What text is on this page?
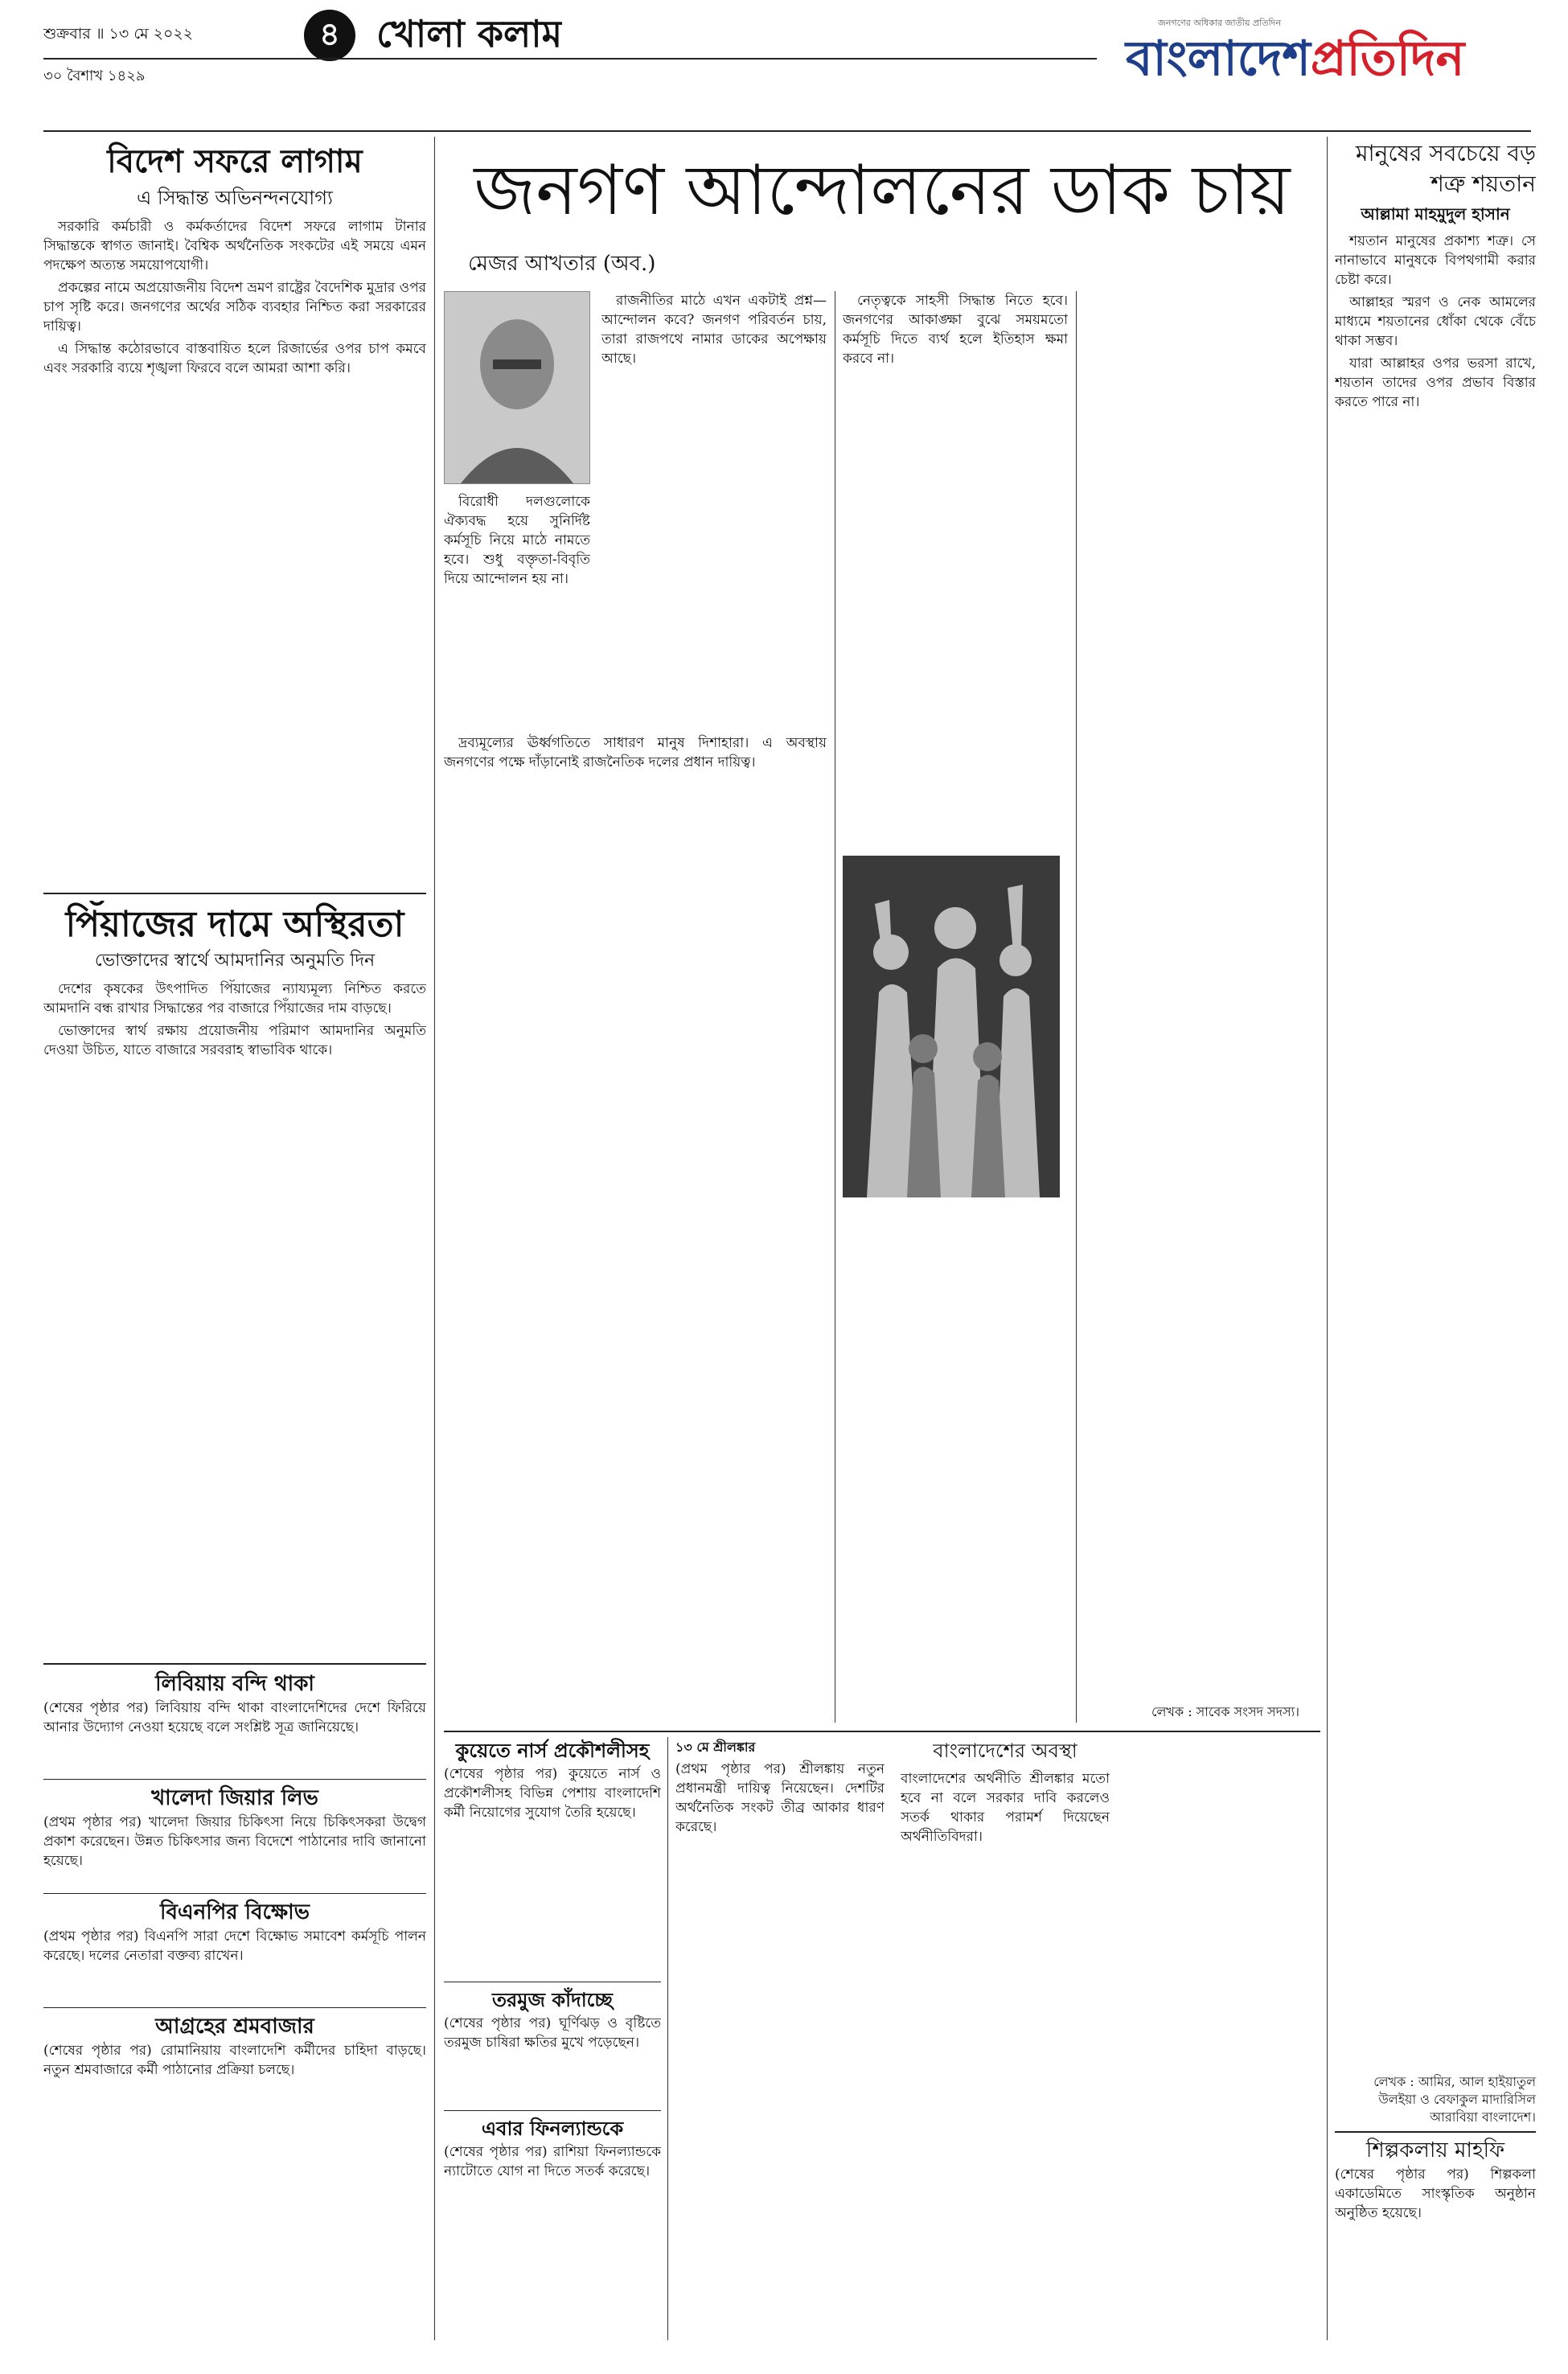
শুক্রবার ॥ ১৩ মে ২০২২	৪ খোলা কলাম
৩০ বৈশাখ ১৪২৯
জনগণের অধিকার জাতীয় প্রতিদিন
বাংলাদেশপ্রতিদিন
বিদেশ সফরে লাগাম
এ সিদ্ধান্ত অভিনন্দনযোগ্য

সরকারি কর্মচারী ও কর্মকর্তাদের বিদেশ সফরে লাগাম টানার সিদ্ধান্তকে স্বাগত জানাই। বৈশ্বিক অর্থনৈতিক সংকটের এই সময়ে এমন পদক্ষেপ অত্যন্ত সময়োপযোগী।

প্রকল্পের নামে অপ্রয়োজনীয় বিদেশ ভ্রমণ রাষ্ট্রের বৈদেশিক মুদ্রার ওপর চাপ সৃষ্টি করে। জনগণের অর্থের সঠিক ব্যবহার নিশ্চিত করা সরকারের দায়িত্ব।

এ সিদ্ধান্ত কঠোরভাবে বাস্তবায়িত হলে রিজার্ভের ওপর চাপ কমবে এবং সরকারি ব্যয়ে শৃঙ্খলা ফিরবে বলে আমরা আশা করি।

পিঁয়াজের দামে অস্থিরতা
ভোক্তাদের স্বার্থে আমদানির অনুমতি দিন

দেশের কৃষকের উৎপাদিত পিঁয়াজের ন্যায্যমূল্য নিশ্চিত করতে আমদানি বন্ধ রাখার সিদ্ধান্তের পর বাজারে পিঁয়াজের দাম বাড়ছে।

ভোক্তাদের স্বার্থ রক্ষায় প্রয়োজনীয় পরিমাণ আমদানির অনুমতি দেওয়া উচিত, যাতে বাজারে সরবরাহ স্বাভাবিক থাকে।

লিবিয়ায় বন্দি থাকা
(শেষের পৃষ্ঠার পর) লিবিয়ায় বন্দি থাকা বাংলাদেশিদের দেশে ফিরিয়ে আনার উদ্যোগ নেওয়া হয়েছে বলে সংশ্লিষ্ট সূত্র জানিয়েছে।
খালেদা জিয়ার লিভ
(প্রথম পৃষ্ঠার পর) খালেদা জিয়ার চিকিৎসা নিয়ে চিকিৎসকরা উদ্বেগ প্রকাশ করেছেন। উন্নত চিকিৎসার জন্য বিদেশে পাঠানোর দাবি জানানো হয়েছে।
বিএনপির বিক্ষোভ
(প্রথম পৃষ্ঠার পর) বিএনপি সারা দেশে বিক্ষোভ সমাবেশ কর্মসূচি পালন করেছে। দলের নেতারা বক্তব্য রাখেন।
আগ্রহের শ্রমবাজার
(শেষের পৃষ্ঠার পর) রোমানিয়ায় বাংলাদেশি কর্মীদের চাহিদা বাড়ছে। নতুন শ্রমবাজারে কর্মী পাঠানোর প্রক্রিয়া চলছে।
জনগণ আন্দোলনের ডাক চায়
মেজর আখতার (অব.)

রাজনীতির মাঠে এখন একটাই প্রশ্ন—আন্দোলন কবে? জনগণ পরিবর্তন চায়, তারা রাজপথে নামার ডাকের অপেক্ষায় আছে।

বিরোধী দলগুলোকে ঐক্যবদ্ধ হয়ে সুনির্দিষ্ট কর্মসূচি নিয়ে মাঠে নামতে হবে। শুধু বক্তৃতা-বিবৃতি দিয়ে আন্দোলন হয় না।

দ্রব্যমূল্যের ঊর্ধ্বগতিতে সাধারণ মানুষ দিশাহারা। এ অবস্থায় জনগণের পক্ষে দাঁড়ানোই রাজনৈতিক দলের প্রধান দায়িত্ব।

নেতৃত্বকে সাহসী সিদ্ধান্ত নিতে হবে। জনগণের আকাঙ্ক্ষা বুঝে সময়মতো কর্মসূচি দিতে ব্যর্থ হলে ইতিহাস ক্ষমা করবে না।

লেখক : সাবেক সংসদ সদস্য।
কুয়েতে নার্স প্রকৌশলীসহ
(শেষের পৃষ্ঠার পর) কুয়েতে নার্স ও প্রকৌশলীসহ বিভিন্ন পেশায় বাংলাদেশি কর্মী নিয়োগের সুযোগ তৈরি হয়েছে।
তরমুজ কাঁদাচ্ছে
(শেষের পৃষ্ঠার পর) ঘূর্ণিঝড় ও বৃষ্টিতে তরমুজ চাষিরা ক্ষতির মুখে পড়েছেন।
এবার ফিনল্যান্ডকে
(শেষের পৃষ্ঠার পর) রাশিয়া ফিনল্যান্ডকে ন্যাটোতে যোগ না দিতে সতর্ক করেছে।
১৩ মে শ্রীলঙ্কার
(প্রথম পৃষ্ঠার পর) শ্রীলঙ্কায় নতুন প্রধানমন্ত্রী দায়িত্ব নিয়েছেন। দেশটির অর্থনৈতিক সংকট তীব্র আকার ধারণ করেছে।
বাংলাদেশের অবস্থা
বাংলাদেশের অর্থনীতি শ্রীলঙ্কার মতো হবে না বলে সরকার দাবি করলেও সতর্ক থাকার পরামর্শ দিয়েছেন অর্থনীতিবিদরা।
মানুষের সবচেয়ে বড় শত্রু শয়তান
আল্লামা মাহমুদুল হাসান

শয়তান মানুষের প্রকাশ্য শত্রু। সে নানাভাবে মানুষকে বিপথগামী করার চেষ্টা করে।

আল্লাহর স্মরণ ও নেক আমলের মাধ্যমে শয়তানের ধোঁকা থেকে বেঁচে থাকা সম্ভব।

যারা আল্লাহর ওপর ভরসা রাখে, শয়তান তাদের ওপর প্রভাব বিস্তার করতে পারে না।

লেখক : আমির, আল হাইয়াতুল উলইয়া ও বেফাকুল মাদারিসিল আরাবিয়া বাংলাদেশ।
শিল্পকলায় মাহফি
(শেষের পৃষ্ঠার পর) শিল্পকলা একাডেমিতে সাংস্কৃতিক অনুষ্ঠান অনুষ্ঠিত হয়েছে।
